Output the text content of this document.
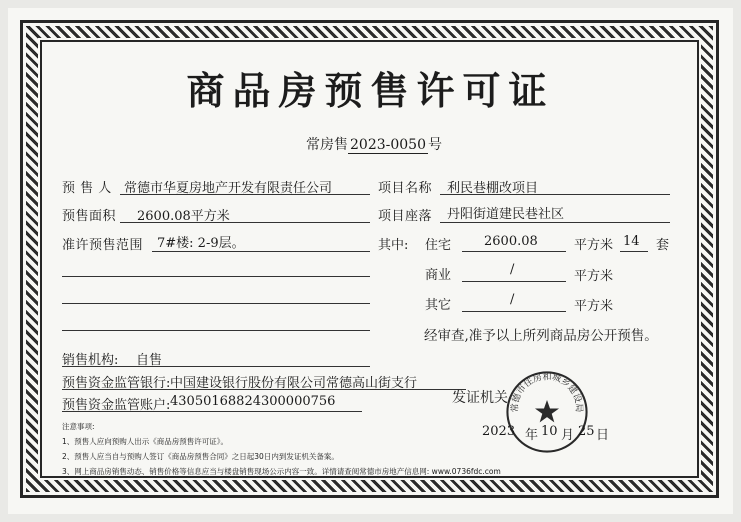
商品房预售许可证
常房售 2023-0050 号
预 售 人 常德市华夏房地产开发有限责任公司	项目名称 利民巷棚改项目
预售面积 2600.08平方米	项目座落 丹阳街道建民巷社区
准许预售范围 7#楼: 2-9层。	其中: 住宅	2600.08	平方米 14 套
商业	/	平方米
其它	/	平方米
经审查,准予以上所列商品房公开预售。
销售机构: 自售
预售资金监管银行: 中国建设银行股份有限公司常德高山街支行
预售资金监管账户: 43050168824300000756	发证机关
常德市住房和城乡建设局
注意事项:
1、预售人应向预购人出示《商品房预售许可证》。
2、预售人应当自与预购人签订《商品房预售合同》之日起30日内到发证机关备案。
3、网上商品房销售动态、销售价格等信息应当与楼盘销售现场公示内容一致。详情请查阅常德市房地产信息网: www.0736fdc.com
2023 年 10 月 25 日
